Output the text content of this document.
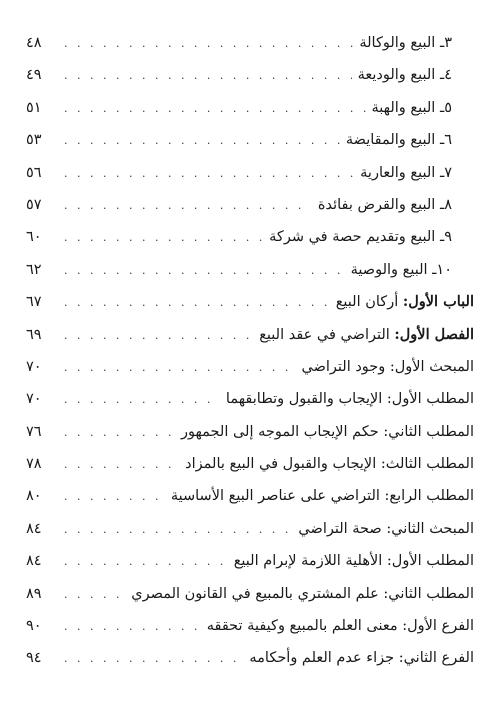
٣ـ البيع والوكالة
. . .
٤٨
٤ـ البيع والوديعة
. . .
٤٩
٥ـ البيع والهبة
. . .
٥١
٦ـ البيع والمقايضة
. . .
٥٣
٧ـ البيع والعارية
. . .
٥٦
٨ـ البيع والقرض بفائدة
. . .
٥٧
٩ـ البيع وتقديم حصة في شركة
. . .
٦٠
١٠ـ البيع والوصية
. . .
٦٢
الباب الأول: أركان البيع
. . .
٦٧
الفصل الأول: التراضي في عقد البيع
. . .
٦٩
المبحث الأول: وجود التراضي
. . .
٧٠
المطلب الأول: الإيجاب والقبول وتطابقهما
. . .
٧٠
المطلب الثاني: حكم الإيجاب الموجه إلى الجمهور
. . .
٧٦
المطلب الثالث: الإيجاب والقبول في البيع بالمزاد
. . .
٧٨
المطلب الرابع: التراضي على عناصر البيع الأساسية
. . .
٨٠
المبحث الثاني: صحة التراضي
. . .
٨٤
المطلب الأول: الأهلية اللازمة لإبرام البيع
. . .
٨٤
المطلب الثاني: علم المشتري بالمبيع في القانون المصري
. . .
٨٩
الفرع الأول: معنى العلم بالمبيع وكيفية تحققه
. . .
٩٠
الفرع الثاني: جزاء عدم العلم وأحكامه
. . .
٩٤
